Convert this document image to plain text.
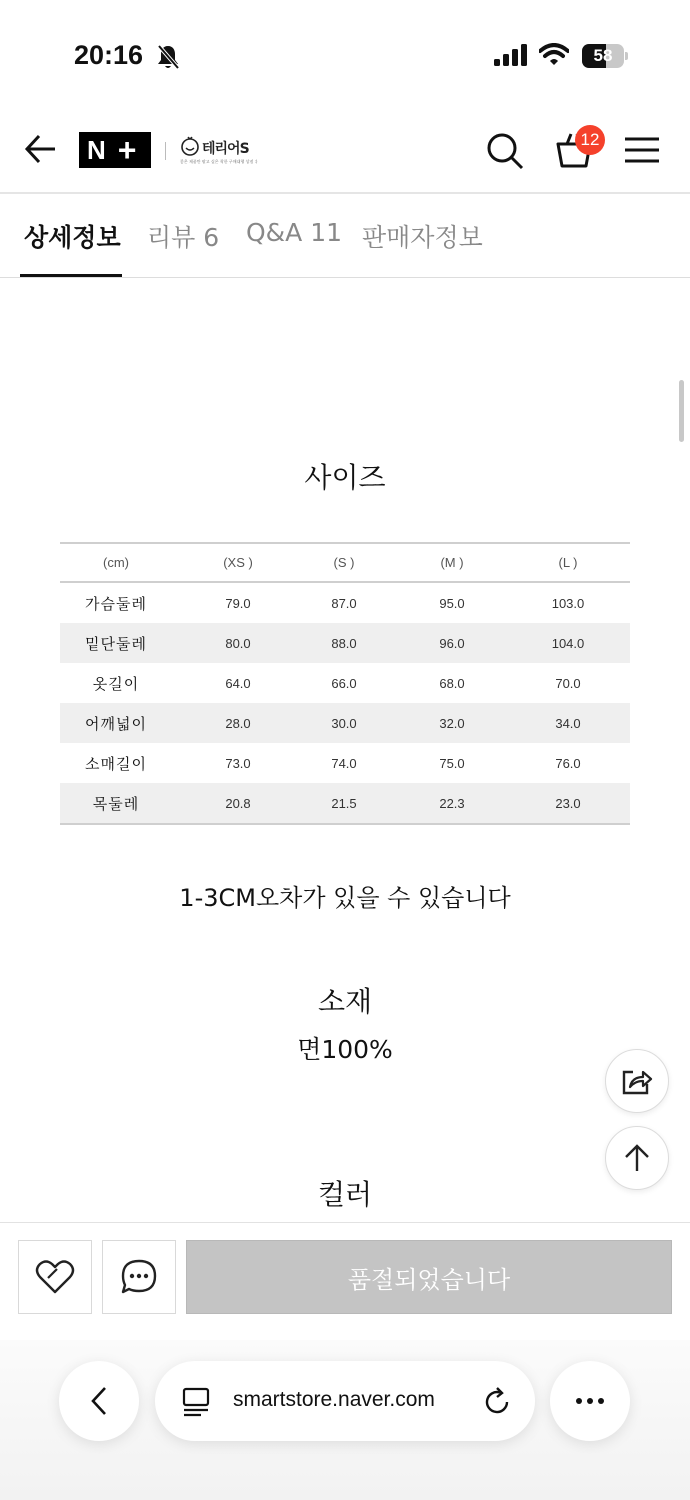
20:16	58
N +	테리어S
좋은 제품만 팔고 싶은 착한 구매대행 상점 :)
12
상세정보 리뷰 6 Q&A 11 판매자정보
사이즈
(cm)	(XS )	(S )	(M )	(L )
가슴둘레	79.0	87.0	95.0	103.0
밑단둘레	80.0	88.0	96.0	104.0
옷길이	64.0	66.0	68.0	70.0
어깨넓이	28.0	30.0	32.0	34.0
소매길이	73.0	74.0	75.0	76.0
목둘레	20.8	21.5	22.3	23.0
1-3CM오차가 있을 수 있습니다
소재
면100%
컬러
품절되었습니다
smartstore.naver.com
